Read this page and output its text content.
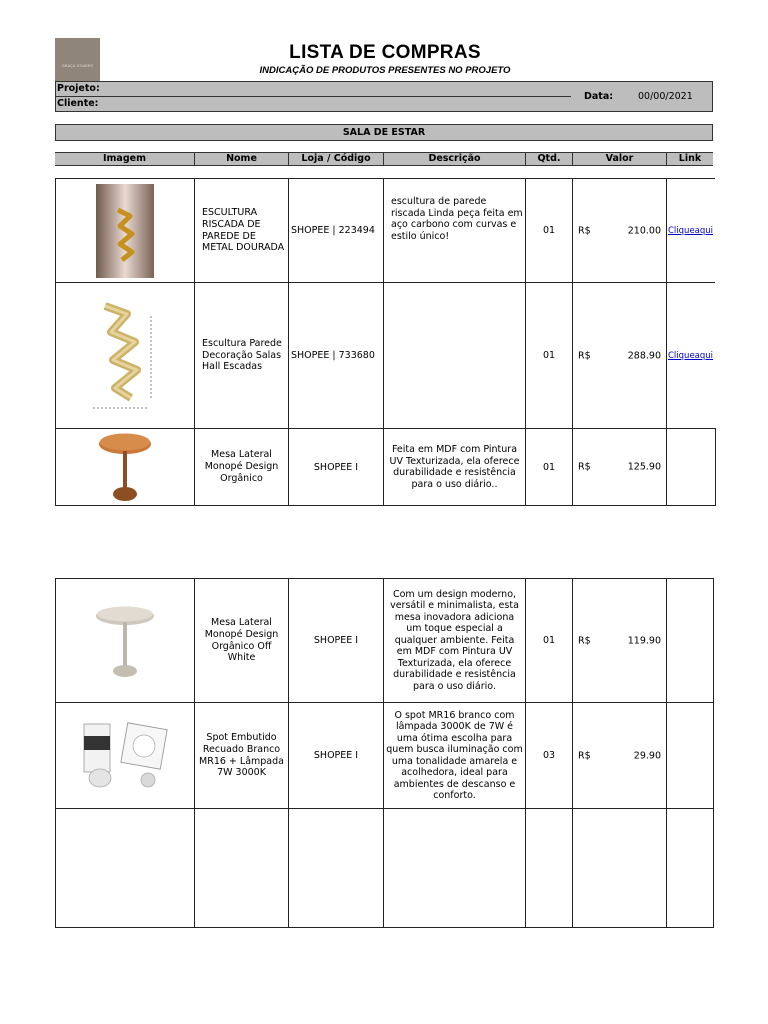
GRAÇA SOARES
LISTA DE COMPRAS
INDICAÇÃO DE PRODUTOS PRESENTES NO PROJETO
Projeto:
Cliente:
Data:	00/00/2021
SALA DE ESTAR
Imagem	Nome	Loja / Código	Descrição	Qtd.	Valor	Link
	ESCULTURA RISCADA DE PAREDE DE METAL DOURADA	SHOPEE | 223494	escultura de parede riscada Linda peça feita em aço carbono com curvas e estilo único!	01	R$ 210.00	Cliqueaqui

	Escultura Parede Decoração Salas Hall Escadas	SHOPEE | 733680		01	R$ 288.90	Cliqueaqui

	Mesa Lateral Monopé Design Orgânico	SHOPEE I	Feita em MDF com Pintura UV Texturizada, ela oferece durabilidade e resistência para o uso diário..	01	R$ 125.90	

	Mesa Lateral Monopé Design Orgânico Off White	SHOPEE I	Com um design moderno, versátil e minimalista, esta mesa inovadora adiciona um toque especial a qualquer ambiente. Feita em MDF com Pintura UV Texturizada, ela oferece durabilidade e resistência para o uso diário.	01	R$ 119.90	

	Spot Embutido Recuado Branco MR16 + Lâmpada 7W 3000K	SHOPEE I	O spot MR16 branco com lâmpada 3000K de 7W é uma ótima escolha para quem busca iluminação com uma tonalidade amarela e acolhedora, ideal para ambientes de descanso e conforto.	03	R$ 29.90	
